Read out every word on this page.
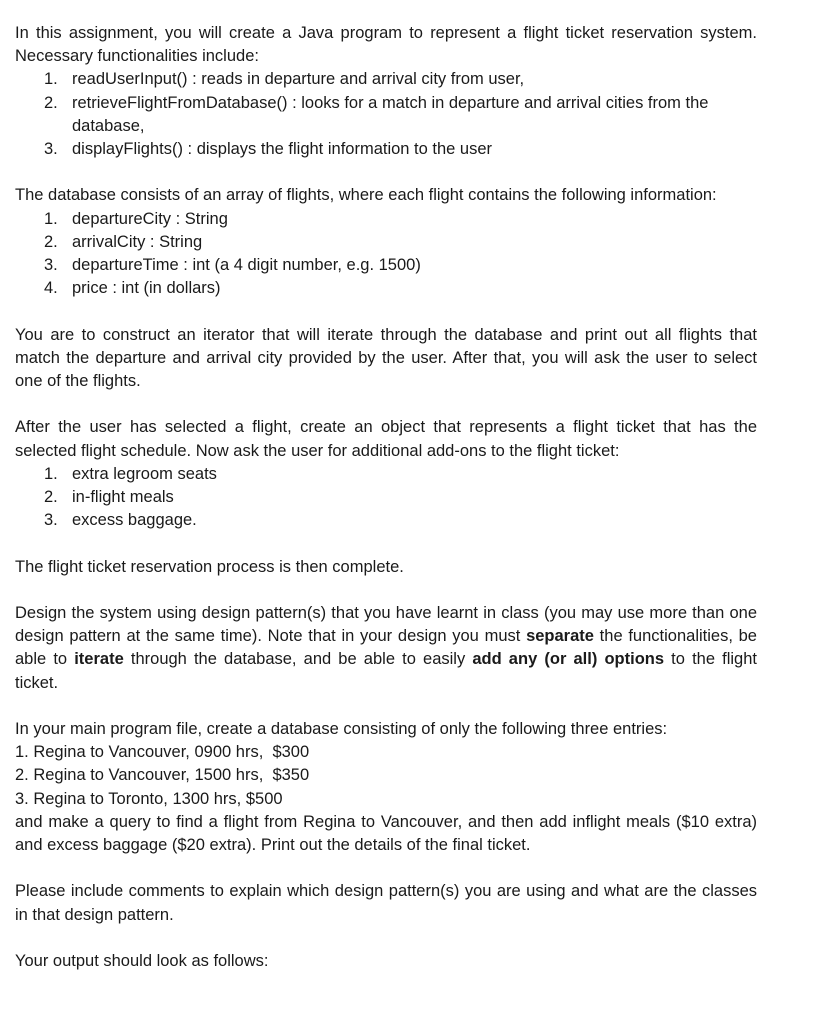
In this assignment, you will create a Java program to represent a flight ticket reservation system. Necessary functionalities include:

1. readUserInput() : reads in departure and arrival city from user,
2. retrieveFlightFromDatabase() : looks for a match in departure and arrival cities from the database,
3. displayFlights() : displays the flight information to the user

The database consists of an array of flights, where each flight contains the following information:

1. departureCity : String
2. arrivalCity : String
3. departureTime : int (a 4 digit number, e.g. 1500)
4. price : int (in dollars)

You are to construct an iterator that will iterate through the database and print out all flights that match the departure and arrival city provided by the user. After that, you will ask the user to select one of the flights.

After the user has selected a flight, create an object that represents a flight ticket that has the selected flight schedule. Now ask the user for additional add-ons to the flight ticket:

1. extra legroom seats
2. in-flight meals
3. excess baggage.

The flight ticket reservation process is then complete.

Design the system using design pattern(s) that you have learnt in class (you may use more than one design pattern at the same time). Note that in your design you must separate the functionalities, be able to iterate through the database, and be able to easily add any (or all) options to the flight ticket.

In your main program file, create a database consisting of only the following three entries:

1. Regina to Vancouver, 0900 hrs,  $300
2. Regina to Vancouver, 1500 hrs,  $350
3. Regina to Toronto, 1300 hrs, $500

and make a query to find a flight from Regina to Vancouver, and then add inflight meals ($10 extra) and excess baggage ($20 extra). Print out the details of the final ticket.

Please include comments to explain which design pattern(s) you are using and what are the classes in that design pattern.

Your output should look as follows:
